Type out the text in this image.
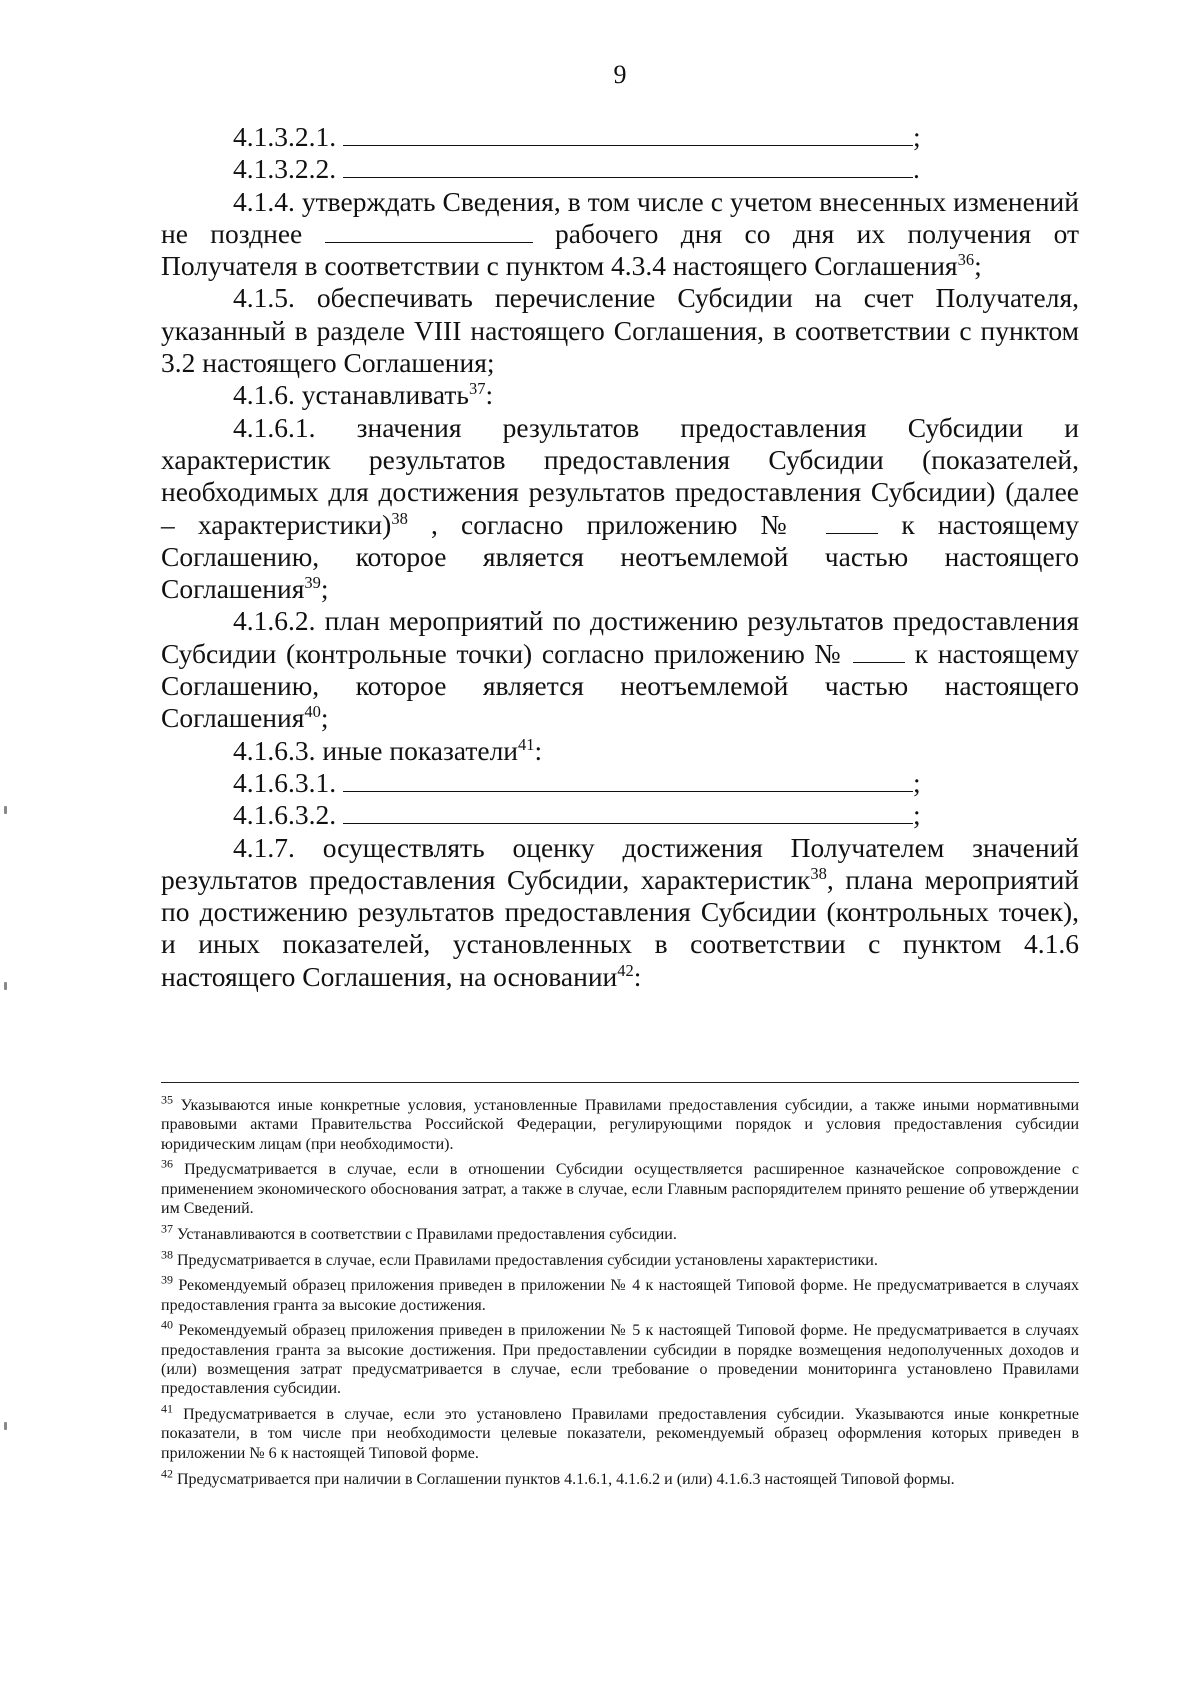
9

4.1.3.2.1.	;

4.1.3.2.2.	.

4.1.4. утверждать Сведения, в том числе с учетом внесенных изменений не позднее	рабочего дня со дня их получения от Получателя в соответствии с пунктом 4.3.4 настоящего Соглашения$^{36}$;

4.1.5. обеспечивать перечисление Субсидии на счет Получателя, указанный в разделе VIII настоящего Соглашения, в соответствии с пунктом 3.2 настоящего Соглашения;

4.1.6. устанавливать$^{37}$:

4.1.6.1. значения результатов предоставления Субсидии и характеристик результатов предоставления Субсидии (показателей, необходимых для достижения результатов предоставления Субсидии) (далее – характеристики)$^{38}$ , согласно приложению №	к настоящему Соглашению, которое является неотъемлемой частью настоящего Соглашения$^{39}$;

4.1.6.2. план мероприятий по достижению результатов предоставления Субсидии (контрольные точки) согласно приложению №	к настоящему Соглашению, которое является неотъемлемой частью настоящего Соглашения$^{40}$;

4.1.6.3. иные показатели$^{41}$:

4.1.6.3.1.	;

4.1.6.3.2.	;

4.1.7. осуществлять оценку достижения Получателем значений результатов предоставления Субсидии, характеристик$^{38}$, плана мероприятий по достижению результатов предоставления Субсидии (контрольных точек), и иных показателей, установленных в соответствии с пунктом 4.1.6 настоящего Соглашения, на основании$^{42}$:

$^{35}$ Указываются иные конкретные условия, установленные Правилами предоставления субсидии, а также иными нормативными правовыми актами Правительства Российской Федерации, регулирующими порядок и условия предоставления субсидии юридическим лицам (при необходимости).

$^{36}$ Предусматривается в случае, если в отношении Субсидии осуществляется расширенное казначейское сопровождение с применением экономического обоснования затрат, а также в случае, если Главным распорядителем принято решение об утверждении им Сведений.

$^{37}$ Устанавливаются в соответствии с Правилами предоставления субсидии.

$^{38}$ Предусматривается в случае, если Правилами предоставления субсидии установлены характеристики.

$^{39}$ Рекомендуемый образец приложения приведен в приложении № 4 к настоящей Типовой форме. Не предусматривается в случаях предоставления гранта за высокие достижения.

$^{40}$ Рекомендуемый образец приложения приведен в приложении № 5 к настоящей Типовой форме. Не предусматривается в случаях предоставления гранта за высокие достижения. При предоставлении субсидии в порядке возмещения недополученных доходов и (или) возмещения затрат предусматривается в случае, если требование о проведении мониторинга установлено Правилами предоставления субсидии.

$^{41}$ Предусматривается в случае, если это установлено Правилами предоставления субсидии. Указываются иные конкретные показатели, в том числе при необходимости целевые показатели, рекомендуемый образец оформления которых приведен в приложении № 6 к настоящей Типовой форме.

$^{42}$ Предусматривается при наличии в Соглашении пунктов 4.1.6.1, 4.1.6.2 и (или) 4.1.6.3 настоящей Типовой формы.
